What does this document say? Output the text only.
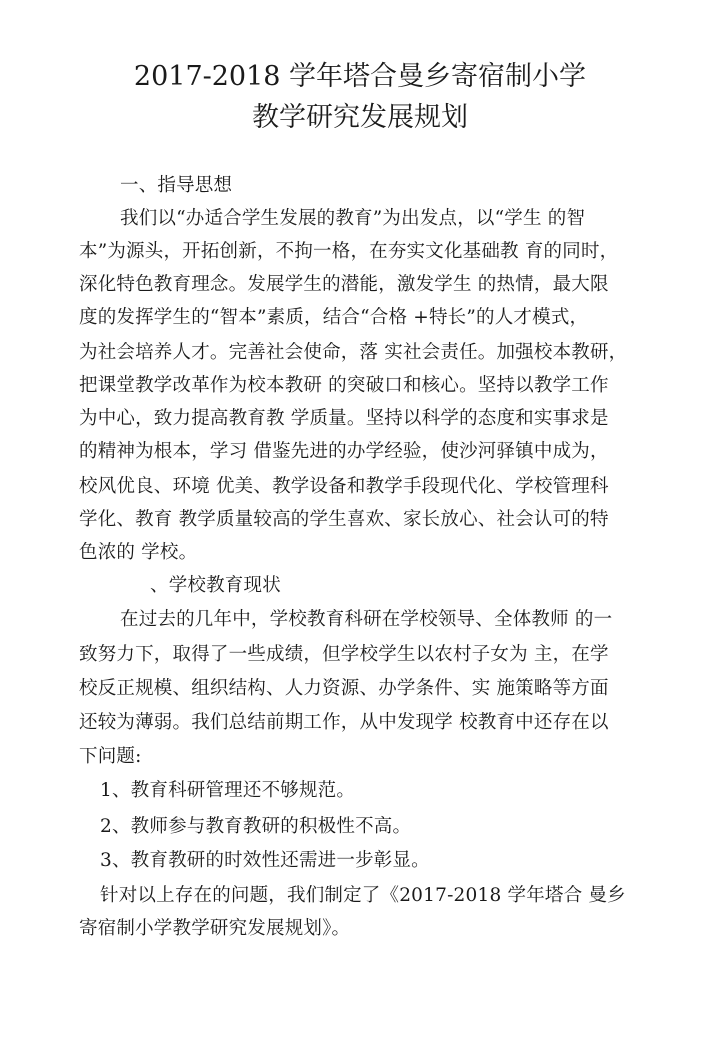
2017-2018 学年塔合曼乡寄宿制小学
教学研究发展规划
一、指导思想
我们以“办适合学生发展的教育”为出发点，以“学生 的智
本”为源头，开拓创新，不拘一格，在夯实文化基础教 育的同时，
深化特色教育理念。发展学生的潜能，激发学生 的热情，最大限
度的发挥学生的“智本”素质，结合“合格 +特长”的人才模式，
为社会培养人才。完善社会使命，落 实社会责任。加强校本教研，
把课堂教学改革作为校本教研 的突破口和核心。坚持以教学工作
为中心，致力提高教育教 学质量。坚持以科学的态度和实事求是
的精神为根本，学习 借鉴先进的办学经验，使沙河驿镇中成为，
校风优良、环境 优美、教学设备和教学手段现代化、学校管理科
学化、教育 教学质量较高的学生喜欢、家长放心、社会认可的特
色浓的 学校。
、学校教育现状
在过去的几年中，学校教育科研在学校领导、全体教师 的一
致努力下，取得了一些成绩，但学校学生以农村子女为 主，在学
校反正规模、组织结构、人力资源、办学条件、实 施策略等方面
还较为薄弱。我们总结前期工作，从中发现学 校教育中还存在以
下问题:
1、教育科研管理还不够规范。
2、教师参与教育教研的积极性不高。
3、教育教研的时效性还需进一步彰显。
针对以上存在的问题，我们制定了《2017-2018 学年塔合 曼乡
寄宿制小学教学研究发展规划》。
